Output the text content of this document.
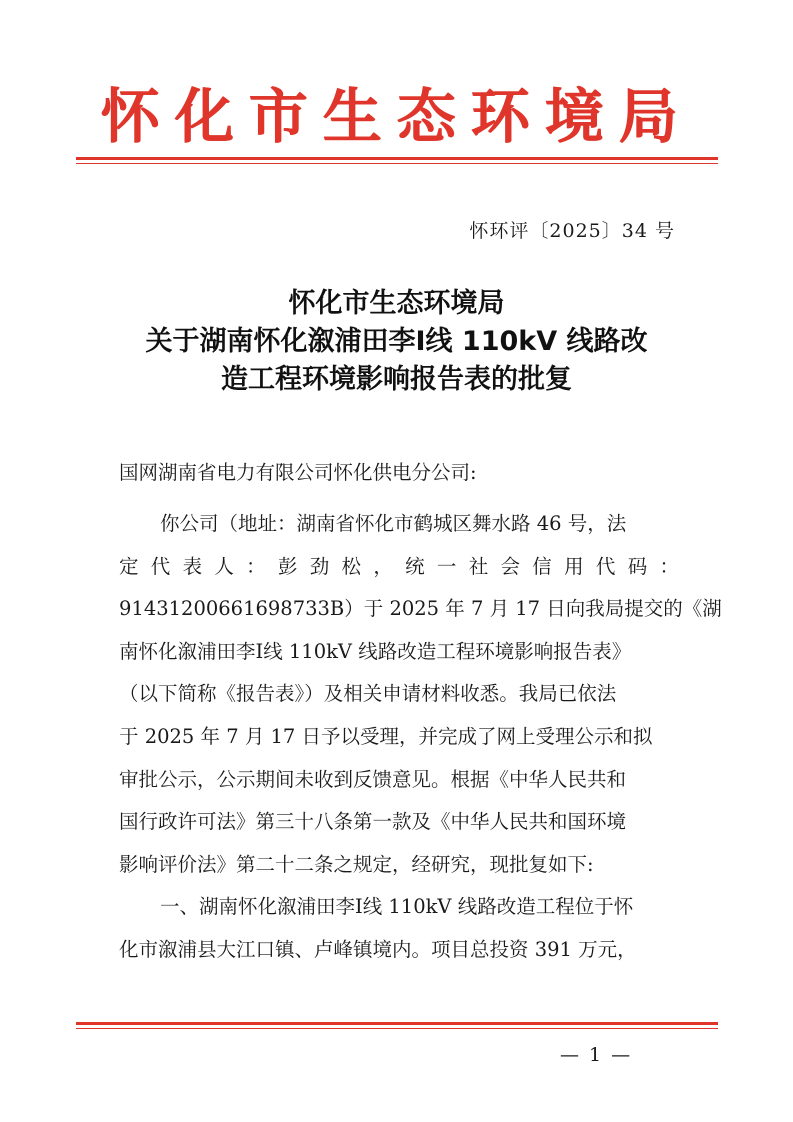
怀化市生态环境局
怀环评〔2025〕34 号
怀化市生态环境局
关于湖南怀化溆浦田李Ⅰ线 110kV 线路改
造工程环境影响报告表的批复
国网湖南省电力有限公司怀化供电分公司:
你公司（地址：湖南省怀化市鹤城区舞水路 46 号，法
定代表人：彭劲松，统一社会信用代码：
91431200661698733B）于 2025 年 7 月 17 日向我局提交的《湖
南怀化溆浦田李Ⅰ线 110kV 线路改造工程环境影响报告表》
（以下简称《报告表》）及相关申请材料收悉。我局已依法
于 2025 年 7 月 17 日予以受理，并完成了网上受理公示和拟
审批公示，公示期间未收到反馈意见。根据《中华人民共和
国行政许可法》第三十八条第一款及《中华人民共和国环境
影响评价法》第二十二条之规定，经研究，现批复如下:
一、湖南怀化溆浦田李Ⅰ线 110kV 线路改造工程位于怀
化市溆浦县大江口镇、卢峰镇境内。项目总投资 391 万元，
— 1 —
